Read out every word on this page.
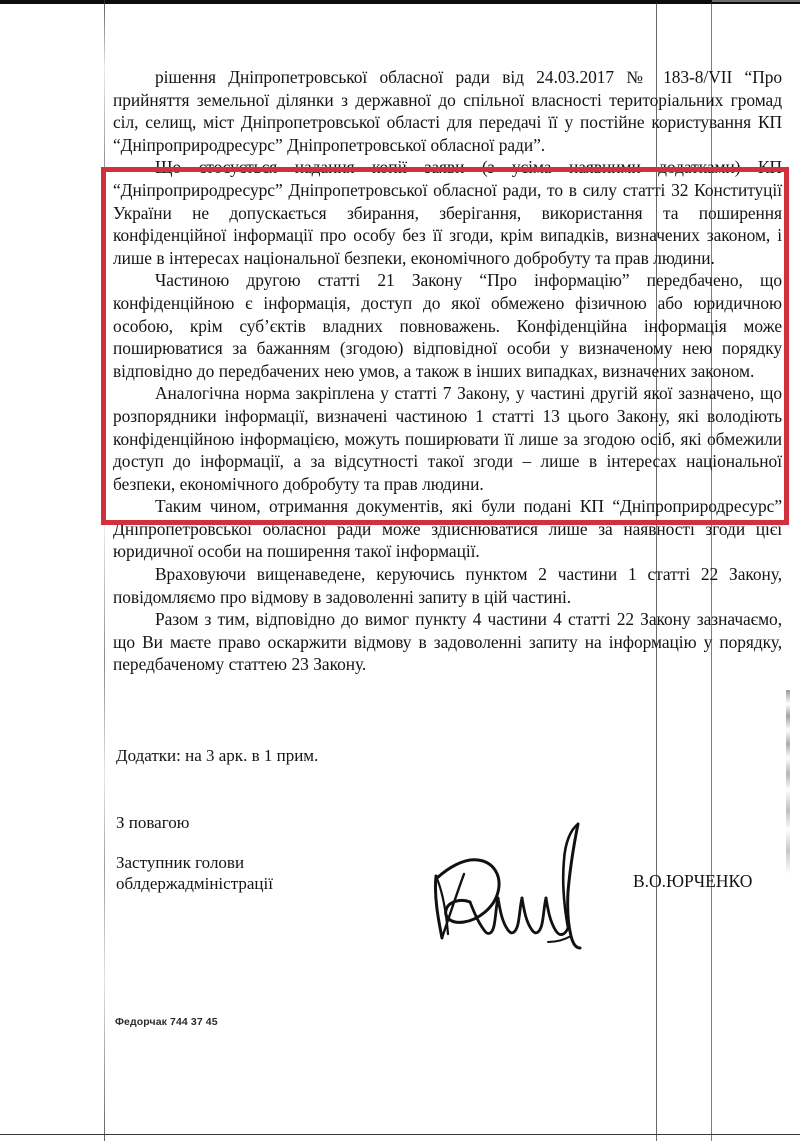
рішення Дніпропетровської обласної ради від 24.03.2017 № 183-8/VII “Про прийняття земельної ділянки з державної до спільної власності територіальних громад сіл, селищ, міст Дніпропетровської області для передачі її у постійне користування КП “Дніпроприродресурс” Дніпропетровської обласної ради”.

Що стосується надання копії заяви (з усіма наявними додатками) КП “Дніпроприродресурс” Дніпропетровської обласної ради, то в силу статті 32 Конституції України не допускається збирання, зберігання, використання та поширення конфіденційної інформації про особу без її згоди, крім випадків, визначених законом, і лише в інтересах національної безпеки, економічного добробуту та прав людини.

Частиною другою статті 21 Закону “Про інформацію” передбачено, що конфіденційною є інформація, доступ до якої обмежено фізичною або юридичною особою, крім суб’єктів владних повноважень. Конфіденційна інформація може поширюватися за бажанням (згодою) відповідної особи у визначеному нею порядку відповідно до передбачених нею умов, а також в інших випадках, визначених законом.

Аналогічна норма закріплена у статті 7 Закону, у частині другій якої зазначено, що розпорядники інформації, визначені частиною 1 статті 13 цього Закону, які володіють конфіденційною інформацією, можуть поширювати її лише за згодою осіб, які обмежили доступ до інформації, а за відсутності такої згоди – лише в інтересах національної безпеки, економічного добробуту та прав людини.

Таким чином, отримання документів, які були подані КП “Дніпроприродресурс” Дніпропетровської обласної ради може здійснюватися лише за наявності згоди цієї юридичної особи на поширення такої інформації.

Враховуючи вищенаведене, керуючись пунктом 2 частини 1 статті 22 Закону, повідомляємо про відмову в задоволенні запиту в цій частині.

Разом з тим, відповідно до вимог пункту 4 частини 4 статті 22 Закону зазначаємо, що Ви маєте право оскаржити відмову в задоволенні запиту на інформацію у порядку, передбаченому статтею 23 Закону.

Додатки: на 3 арк. в 1 прим.
З повагою
Заступник голови
облдержадміністрації	В.О.ЮРЧЕНКО
Федорчак 744 37 45
